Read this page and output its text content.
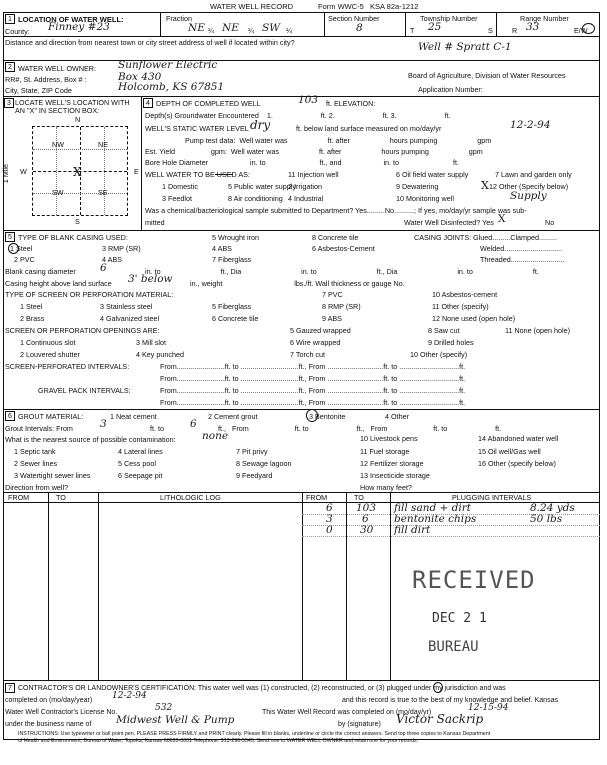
WATER WELL RECORD	Form WWC-5 KSA 82a-1212
1 LOCATION OF WATER WELL:
County: Finney #23
Fraction
NE ¼ NE ¼ SW ¼
Section Number
8
Township Number
T 25	S
Range Number
R 33	E/W
Distance and direction from nearest town or city street address of well if located within city?	Well # Spratt C-1
2 WATER WELL OWNER: Sunflower Electric
RR#, St. Address, Box # :	Box 430	Board of Agriculture, Division of Water Resources
City, State, ZIP Code	Holcomb, KS 67851	Application Number:
3 LOCATE WELL'S LOCATION WITH AN "X" IN SECTION BOX:
1 Mile
N
S
W	E
NW	NE
SW	SE
X
4 DEPTH OF COMPLETED WELL	103 ft. ELEVATION:
Depth(s) Groundwater Encountered    1.                        ft. 2.                        ft. 3.                        ft.
WELL'S STATIC WATER LEVEL dry	ft. below land surface measured on mo/day/yr	12-2-94
Pump test data:  Well water was                    ft. after                    hours pumping                    gpm
Est. Yield                  gpm:  Well water was                    ft. after                    hours pumping                    gpm
Bore Hole Diameter                     in. to                           ft., and                     in. to                           ft.
WELL WATER TO BE USED AS:	11 Injection well	6 Oil field water supply	7 Lawn and garden only
1 Domestic	5 Public water supply
2 Irrigation	9 Dewatering	X 12 Other (Specify below)
3 Feedlot	8 Air conditioning 4 Industrial	10 Monitoring well	Supply
Was a chemical/bacteriological sample submitted to Department? Yes.........No..........; If yes, mo/day/yr sample was sub-
mitted	Water Well Disinfected? Yes X	No
5 TYPE OF BLANK CASING USED:	8 Concrete tile
5 Wrought iron	CASING JOINTS: Glued.........Clamped.........
1 Steel	3 RMP (SR)	4 ABS	6 Asbestos-Cement	Welded.............................
2 PVC	4 ABS	7 Fiberglass	Threaded...........................
Blank casing diameter 6	in. to                              ft., Dia                              in. to                              ft., Dia                              in. to                              ft.
Casing height above land surface 3' below in., weight                                    lbs./ft. Wall thickness or gauge No.
TYPE OF SCREEN OR PERFORATION MATERIAL:	7 PVC	10 Asbestos-cement
1 Steel	3 Stainless steel	5 Fiberglass	8 RMP (SR)	11 Other (specify)
2 Brass	4 Galvanized steel	6 Concrete tile	9 ABS	12 None used (open hole)
SCREEN OR PERFORATION OPENINGS ARE:	5 Gauzed wrapped	8 Saw cut	11 None (open hole)
1 Continuous slot	3 Mill slot	6 Wire wrapped	9 Drilled holes
2 Louvered shutter	4 Key punched	7 Torch cut	10 Other (specify)
SCREEN-PERFORATED INTERVALS:	From........................ft. to .............................ft., From ............................ft. to ..............................ft.
From........................ft. to .............................ft., From ............................ft. to ..............................ft.
GRAVEL PACK INTERVALS:	From........................ft. to .............................ft., From ............................ft. to ..............................ft.
From........................ft. to .............................ft., From ............................ft. to ..............................ft.
6 GROUT MATERIAL:	1 Neat cement	2 Cement grout	3 Bentonite	4 Other
Grout Intervals: From	3	ft. to 6	ft.,   From                       ft. to                        ft.,   From                       ft. to                        ft.
What is the nearest source of possible contamination:	none	10 Livestock pens	14 Abandoned water well
1 Septic tank	4 Lateral lines	7 Pit privy	11 Fuel storage	15 Oil well/Gas well
2 Sewer lines	5 Cess pool	8 Sewage lagoon	12 Fertilizer storage	16 Other (specify below)
3 Watertight sewer lines	6 Seepage pit	9 Feedyard	13 Insecticide storage
Direction from well?	How many feet?
FROM	TO	LITHOLOGIC LOG	FROM	TO	PLUGGING INTERVALS
6 103 fill sand + dirt	8.24 yds
3	6 bentonite chips	50 lbs
0	30 fill dirt
RECEIVED
DEC 2 1
BUREAU
7 CONTRACTOR'S OR LANDOWNER'S CERTIFICATION: This water well was (1) constructed, (2) reconstructed, or (3) plugged under my jurisdiction and was
completed on (mo/day/year) 12-2-94	and this record is true to the best of my knowledge and belief. Kansas
Water Well Contractor's License No.	532	This Water Well Record was completed on (mo/day/yr)	12-15-94
under the business name of Midwest Well & Pump	by (signature) Victor Sackrip
INSTRUCTIONS: Use typewriter or ball point pen. PLEASE PRESS FIRMLY and PRINT clearly. Please fill in blanks, underline or circle the correct answers. Send top three copies to Kansas Department
of Health and Environment, Bureau of Water, Topeka, Kansas 66620-0001 Telephone: 913-296-5545. Send one to WATER WELL OWNER and retain one for your records.
